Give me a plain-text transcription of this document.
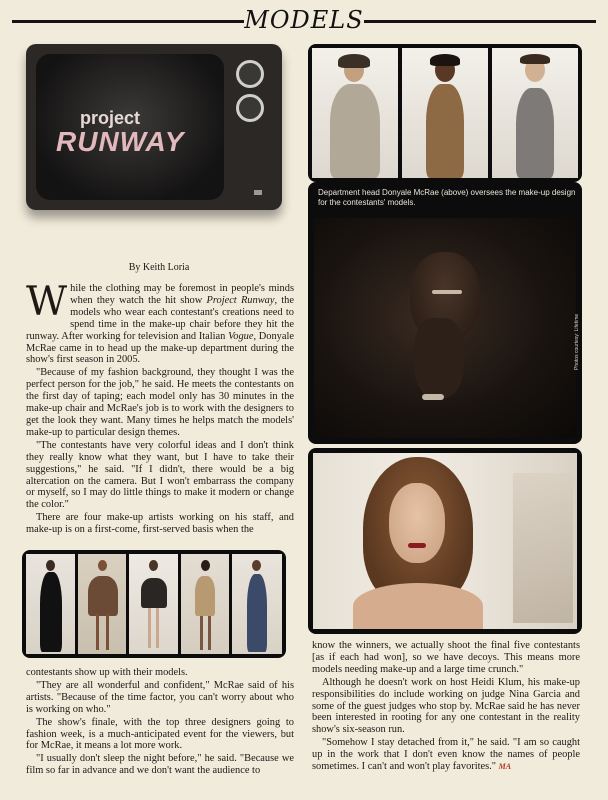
MODELS
project
RUNWAY
By Keith Loria

While the clothing may be foremost in people's minds when they watch the hit show Project Runway, the models who wear each contestant's creations need to spend time in the make-up chair before they hit the runway. After working for television and Italian Vogue, Donyale McRae came in to head up the make-up department during the show's first season in 2005.

"Because of my fashion background, they thought I was the perfect person for the job," he said. He meets the contestants on the first day of taping; each model only has 30 minutes in the make-up chair and McRae's job is to work with the designers to get the look they want. Many times he helps match the models' make-up to particular design themes.

"The contestants have very colorful ideas and I don't think they really know what they want, but I have to take their suggestions," he said. "If I didn't, there would be a big altercation on the camera. But I won't embarrass the company or myself, so I may do little things to make it modern or change the color."

There are four make-up artists working on his staff, and make-up is on a first-come, first-served basis when the

contestants show up with their models.

"They are all wonderful and confident," McRae said of his artists. "Because of the time factor, you can't worry about who is working on who."

The show's finale, with the top three designers going to fashion week, is a much-anticipated event for the viewers, but for McRae, it means a lot more work.

"I usually don't sleep the night before," he said. "Because we film so far in advance and we don't want the audience to

Department head Donyale McRae (above) oversees the make-up design for the contestants' models.
Photos courtesy: Lifetime

know the winners, we actually shoot the final five contestants [as if each had won], so we have decoys. This means more models needing make-up and a large time crunch."

Although he doesn't work on host Heidi Klum, his make-up responsibilities do include working on judge Nina Garcia and some of the guest judges who stop by. McRae said he has never been interested in rooting for any one contestant in the reality show's six-season run.

"Somehow I stay detached from it," he said. "I am so caught up in the work that I don't even know the names of people sometimes. I can't and won't play favorites." MA
